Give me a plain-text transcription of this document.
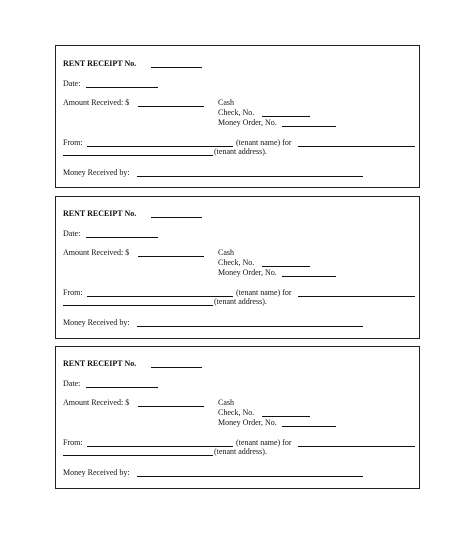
RENT RECEIPT No.
Date:
Amount Received: $	Cash
Check, No.
Money Order, No.
From:	(tenant name) for
(tenant address).
Money Received by:
RENT RECEIPT No.
Date:
Amount Received: $	Cash
Check, No.
Money Order, No.
From:	(tenant name) for
(tenant address).
Money Received by:
RENT RECEIPT No.
Date:
Amount Received: $	Cash
Check, No.
Money Order, No.
From:	(tenant name) for
(tenant address).
Money Received by:
